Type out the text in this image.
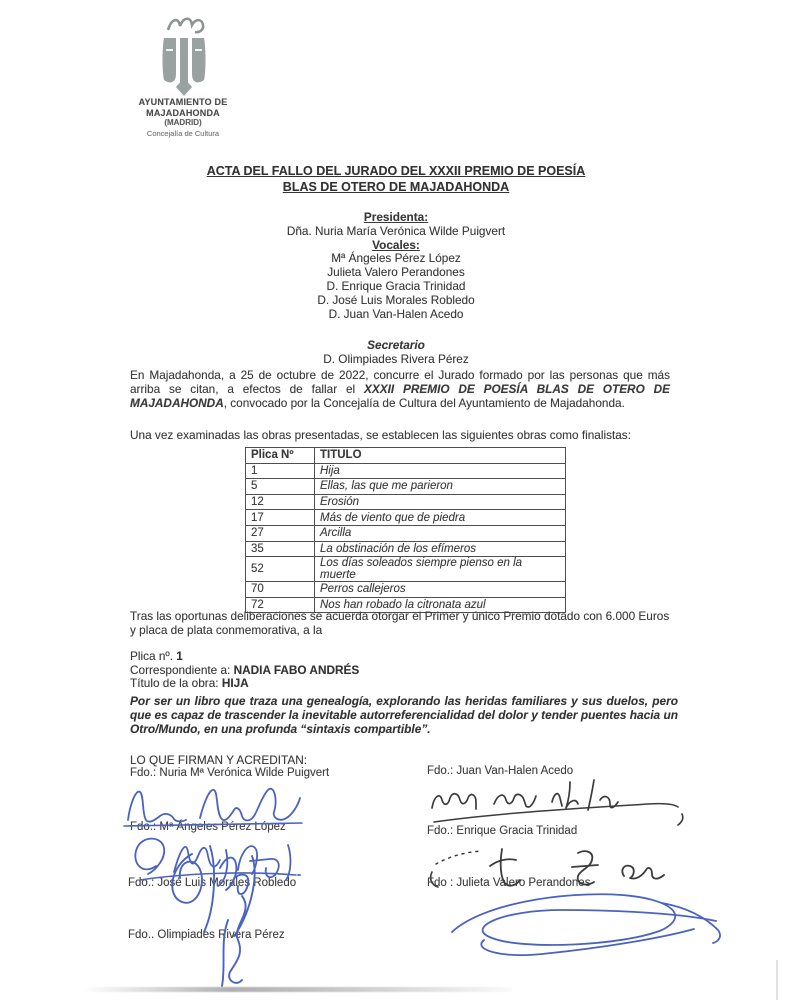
AYUNTAMIENTO DE
MAJADAHONDA
(MADRID)
Concejalía de Cultura
ACTA DEL FALLO DEL JURADO DEL XXXII PREMIO DE POESÍA
BLAS DE OTERO DE MAJADAHONDA
Presidenta:
Dña. Nuria María Verónica Wilde Puigvert
Vocales:
Mª Ángeles Pérez López
Julieta Valero Perandones
D. Enrique Gracia Trinidad
D. José Luis Morales Robledo
D. Juan Van-Halen Acedo
Secretario
D. Olimpiades Rivera Pérez
En Majadahonda, a 25 de octubre de 2022, concurre el Jurado formado por las personas que más arriba se citan, a efectos de fallar el XXXII PREMIO DE POESÍA BLAS DE OTERO DE MAJADAHONDA, convocado por la Concejalía de Cultura del Ayuntamiento de Majadahonda.
Una vez examinadas las obras presentadas, se establecen las siguientes obras como finalistas:
Plica Nº	TITULO
1	Hija
5	Ellas, las que me parieron
12	Erosión
17	Más de viento que de piedra
27	Arcilla
35	La obstinación de los efímeros
52	Los días soleados siempre pienso en la muerte
70	Perros callejeros
72	Nos han robado la citronata azul
Tras las oportunas deliberaciones se acuerda otorgar el Primer y único Premio dotado con 6.000 Euros y placa de plata conmemorativa, a la
Plica nº. 1
Correspondiente a: NADIA FABO ANDRÉS
Título de la obra: HIJA
Por ser un libro que traza una genealogía, explorando las heridas familiares y sus duelos, pero que es capaz de trascender la inevitable autorreferencialidad del dolor y tender puentes hacia un Otro/Mundo, en una profunda “sintaxis compartible”.
LO QUE FIRMAN Y ACREDITAN:
Fdo.: Nuria Mª Verónica Wilde Puigvert
Fdo.: Mª Ángeles Pérez López
Fdo.: José Luis Morales Robledo
Fdo.. Olimpiades Rivera Pérez
Fdo.: Juan Van-Halen Acedo
Fdo.: Enrique Gracia Trinidad
Fdo : Julieta Valero Perandones
